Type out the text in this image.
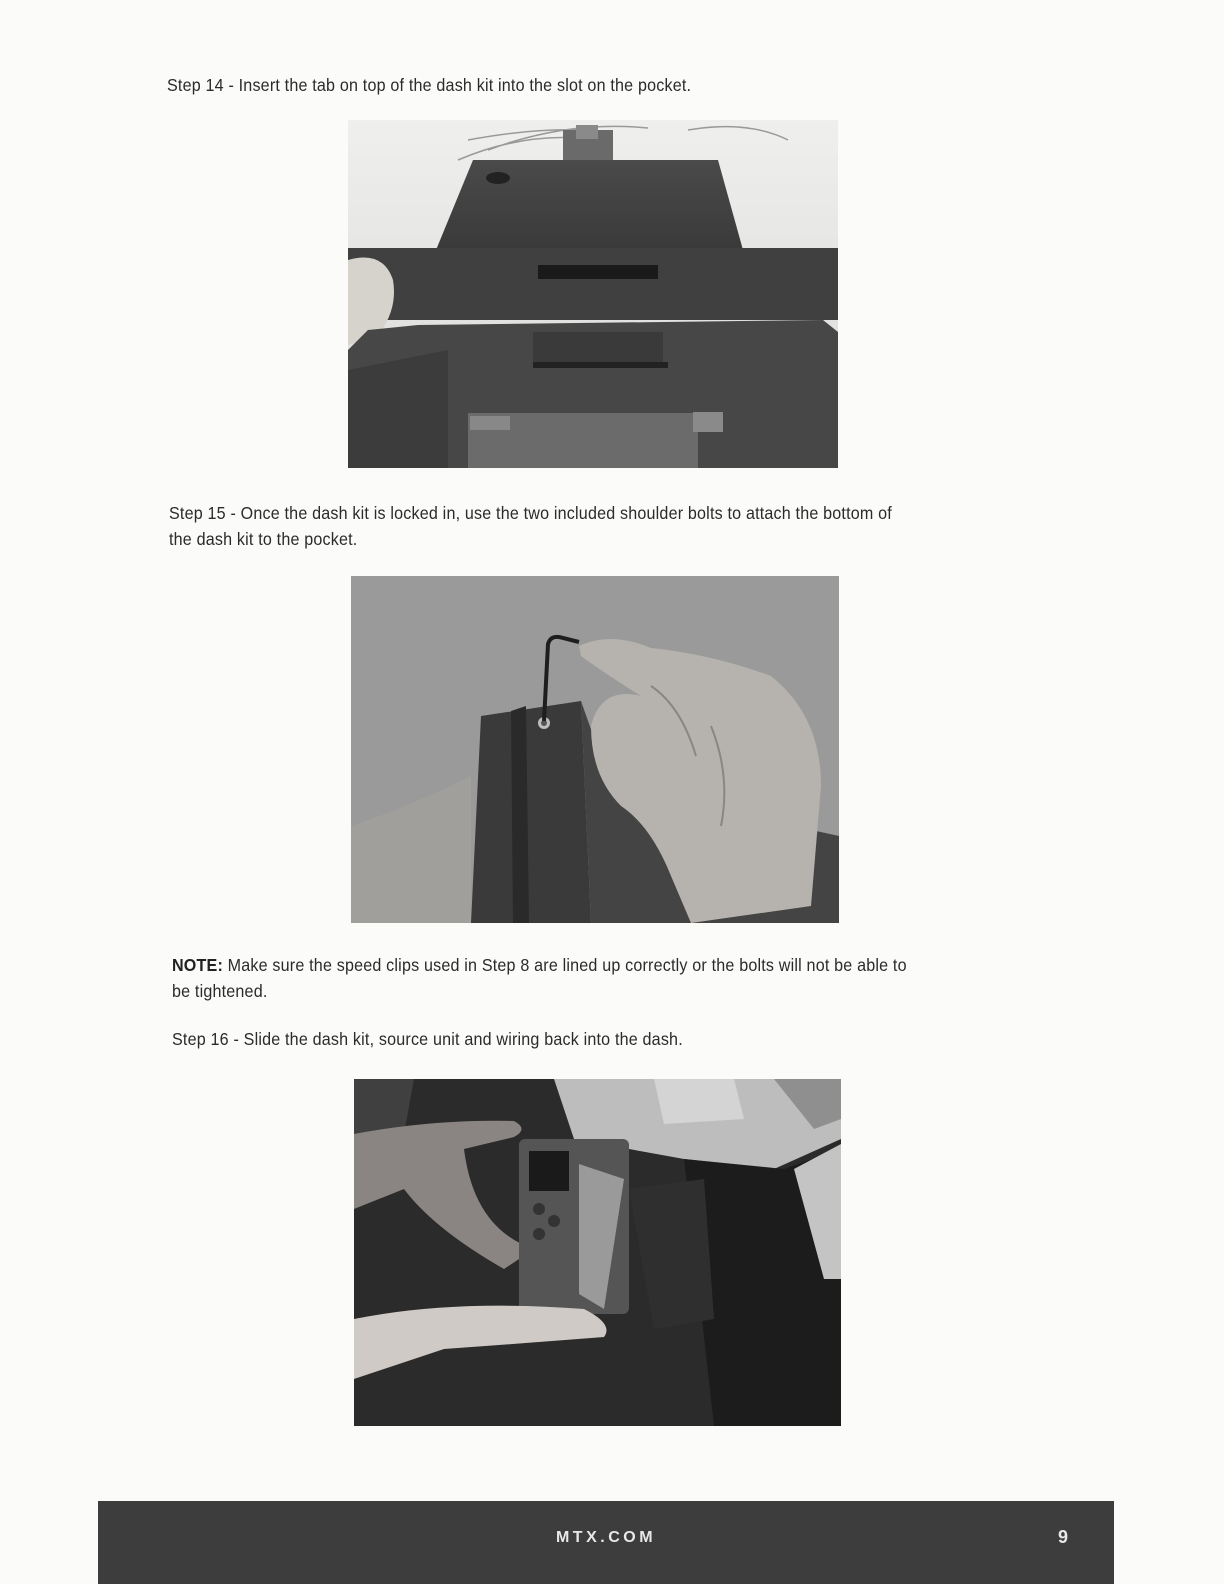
Step 14 - Insert the tab on top of the dash kit into the slot on the pocket.
Step 15 - Once the dash kit is locked in, use the two included shoulder bolts to attach the bottom of
the dash kit to the pocket.
NOTE: Make sure the speed clips used in Step 8 are lined up correctly or the bolts will not be able to
be tightened.
Step 16 - Slide the dash kit, source unit and wiring back into the dash.
MTX.COM	9
